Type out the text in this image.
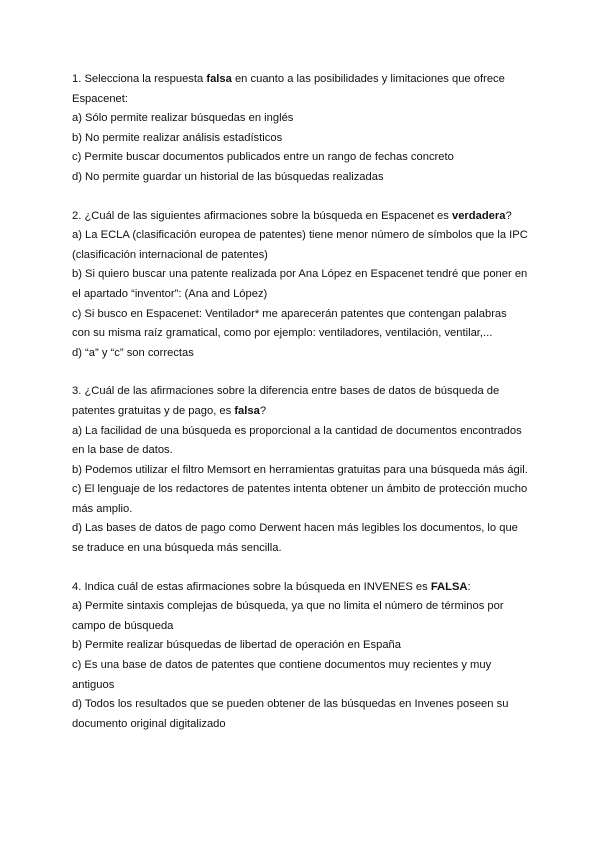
1. Selecciona la respuesta falsa en cuanto a las posibilidades y limitaciones que ofrece
Espacenet:
a) Sólo permite realizar búsquedas en inglés
b) No permite realizar análisis estadísticos
c) Permite buscar documentos publicados entre un rango de fechas concreto
d) No permite guardar un historial de las búsquedas realizadas
2. ¿Cuál de las siguientes afirmaciones sobre la búsqueda en Espacenet es verdadera?
a) La ECLA (clasificación europea de patentes) tiene menor número de símbolos que la IPC
(clasificación internacional de patentes)
b) Si quiero buscar una patente realizada por Ana López en Espacenet tendré que poner en
el apartado “inventor”: (Ana and López)
c) Si busco en Espacenet: Ventilador* me aparecerán patentes que contengan palabras
con su misma raíz gramatical, como por ejemplo: ventiladores, ventilación, ventilar,...
d) “a” y “c” son correctas
3. ¿Cuál de las afirmaciones sobre la diferencia entre bases de datos de búsqueda de
patentes gratuitas y de pago, es falsa?
a) La facilidad de una búsqueda es proporcional a la cantidad de documentos encontrados
en la base de datos.
b) Podemos utilizar el filtro Memsort en herramientas gratuitas para una búsqueda más ágil.
c) El lenguaje de los redactores de patentes intenta obtener un ámbito de protección mucho
más amplio.
d) Las bases de datos de pago como Derwent hacen más legibles los documentos, lo que
se traduce en una búsqueda más sencilla.
4. Indica cuál de estas afirmaciones sobre la búsqueda en INVENES es FALSA:
a) Permite sintaxis complejas de búsqueda, ya que no limita el número de términos por
campo de búsqueda
b) Permite realizar búsquedas de libertad de operación en España
c) Es una base de datos de patentes que contiene documentos muy recientes y muy
antiguos
d) Todos los resultados que se pueden obtener de las búsquedas en Invenes poseen su
documento original digitalizado
